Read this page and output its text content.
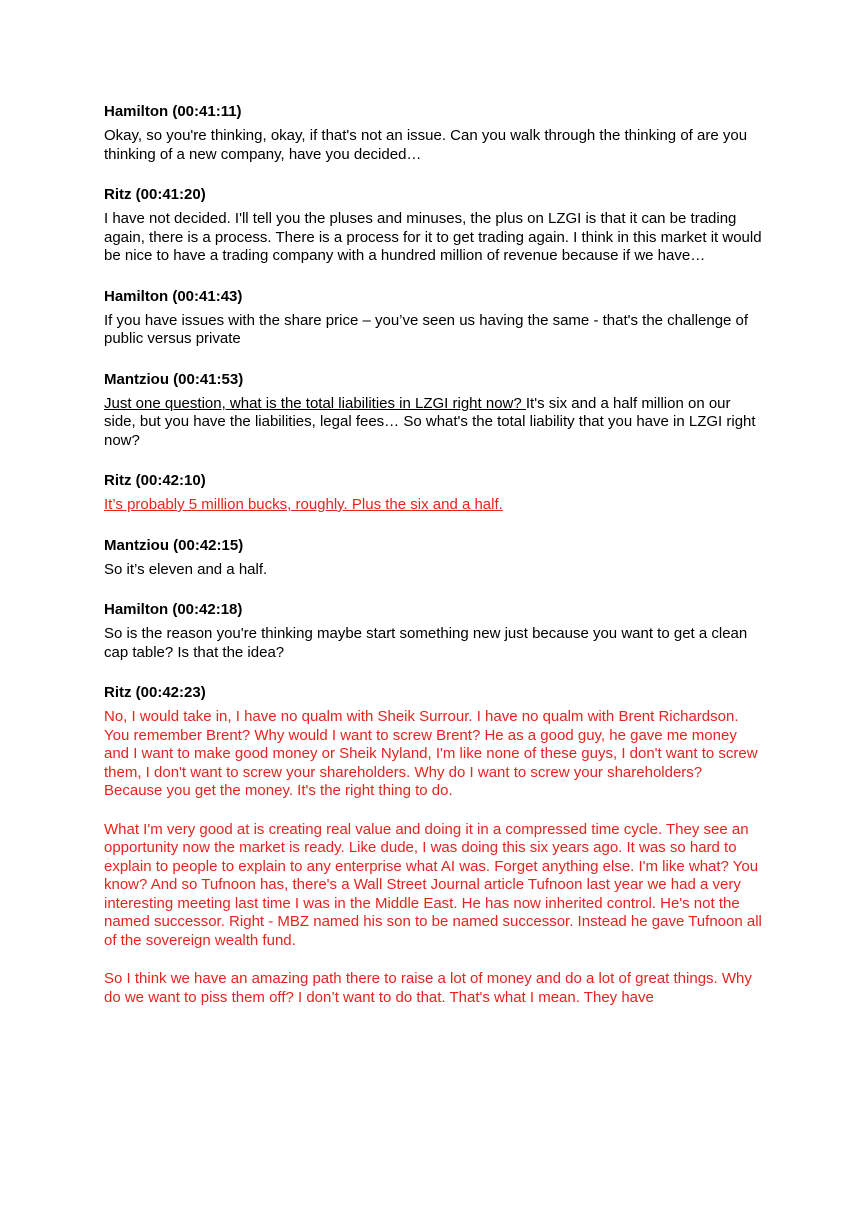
Hamilton (00:41:11)

Okay, so you're thinking, okay, if that's not an issue. Can you walk through the thinking of are you thinking of a new company, have you decided…

Ritz (00:41:20)

I have not decided. I'll tell you the pluses and minuses, the plus on LZGI is that it can be trading again, there is a process. There is a process for it to get trading again. I think in this market it would be nice to have a trading company with a hundred million of revenue because if we have…

Hamilton (00:41:43)

If you have issues with the share price – you’ve seen us having the same - that's the challenge of public versus private

Mantziou (00:41:53)

Just one question, what is the total liabilities in LZGI right now? It's six and a half million on our side, but you have the liabilities, legal fees… So what's the total liability that you have in LZGI right now?

Ritz (00:42:10)

It’s probably 5 million bucks, roughly. Plus the six and a half.

Mantziou (00:42:15)

So it’s eleven and a half.

Hamilton (00:42:18)

So is the reason you're thinking maybe start something new just because you want to get a clean cap table? Is that the idea?

Ritz (00:42:23)

No, I would take in, I have no qualm with Sheik Surrour. I have no qualm with Brent Richardson. You remember Brent? Why would I want to screw Brent? He as a good guy, he gave me money and I want to make good money or Sheik Nyland, I'm like none of these guys, I don't want to screw them, I don't want to screw your shareholders. Why do I want to screw your shareholders? Because you get the money. It's the right thing to do.

What I'm very good at is creating real value and doing it in a compressed time cycle. They see an opportunity now the market is ready. Like dude, I was doing this six years ago. It was so hard to explain to people to explain to any enterprise what AI was. Forget anything else. I'm like what? You know? And so Tufnoon has, there's a Wall Street Journal article Tufnoon last year we had a very interesting meeting last time I was in the Middle East. He has now inherited control. He's not the named successor. Right - MBZ named his son to be named successor. Instead he gave Tufnoon all of the sovereign wealth fund.

So I think we have an amazing path there to raise a lot of money and do a lot of great things. Why do we want to piss them off? I don’t want to do that. That's what I mean. They have
